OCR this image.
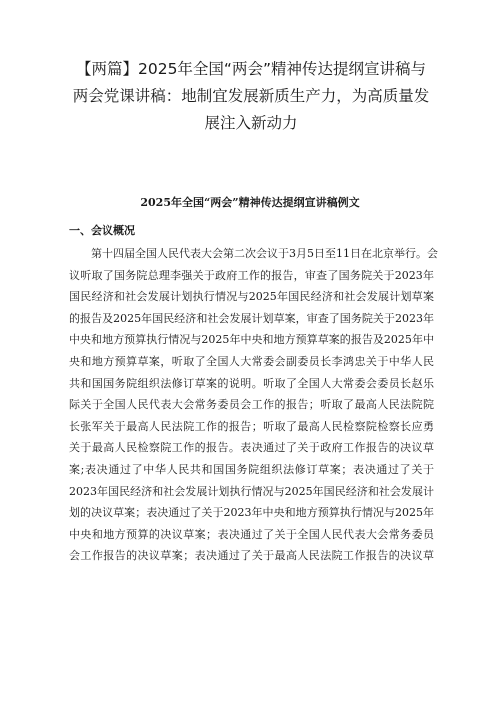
【两篇】2025年全国“两会”精神传达提纲宣讲稿与
两会党课讲稿：地制宜发展新质生产力，为高质量发
展注入新动力
2025年全国“两会”精神传达提纲宣讲稿例文
一、会议概况
第十四届全国人民代表大会第二次会议于3月5日至11日在北京举行。会
议听取了国务院总理李强关于政府工作的报告，审查了国务院关于2023年
国民经济和社会发展计划执行情况与2025年国民经济和社会发展计划草案
的报告及2025年国民经济和社会发展计划草案，审查了国务院关于2023年
中央和地方预算执行情况与2025年中央和地方预算草案的报告及2025年中
央和地方预算草案，听取了全国人大常委会副委员长李鸿忠关于中华人民
共和国国务院组织法修订草案的说明。听取了全国人大常委会委员长赵乐
际关于全国人民代表大会常务委员会工作的报告；听取了最高人民法院院
长张军关于最高人民法院工作的报告；听取了最高人民检察院检察长应勇
关于最高人民检察院工作的报告。表决通过了关于政府工作报告的决议草
案;表决通过了中华人民共和国国务院组织法修订草案；表决通过了关于
2023年国民经济和社会发展计划执行情况与2025年国民经济和社会发展计
划的决议草案；表决通过了关于2023年中央和地方预算执行情况与2025年
中央和地方预算的决议草案；表决通过了关于全国人民代表大会常务委员
会工作报告的决议草案；表决通过了关于最高人民法院工作报告的决议草
